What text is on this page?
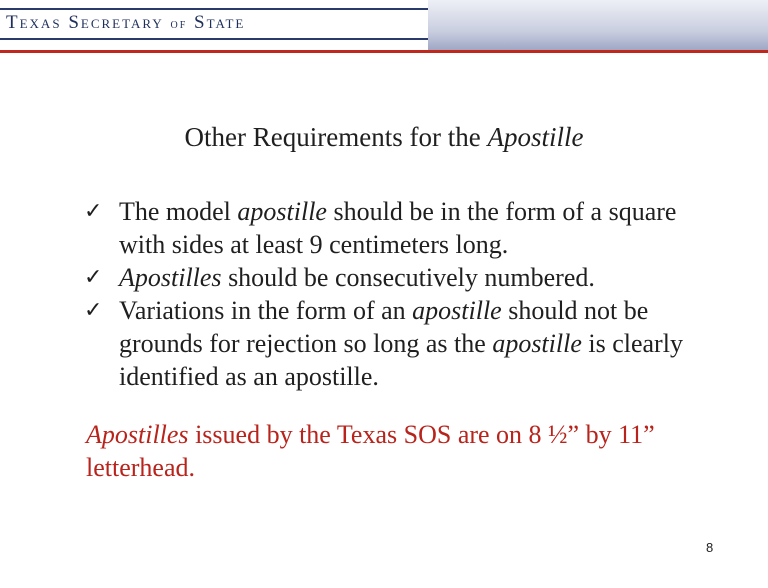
Texas Secretary of State
Other Requirements for the Apostille
✓ The model apostille should be in the form of a square with sides at least 9 centimeters long.
✓ Apostilles should be consecutively numbered.
✓ Variations in the form of an apostille should not be grounds for rejection so long as the apostille is clearly identified as an apostille.
Apostilles issued by the Texas SOS are on 8 ½” by 11” letterhead.
8
